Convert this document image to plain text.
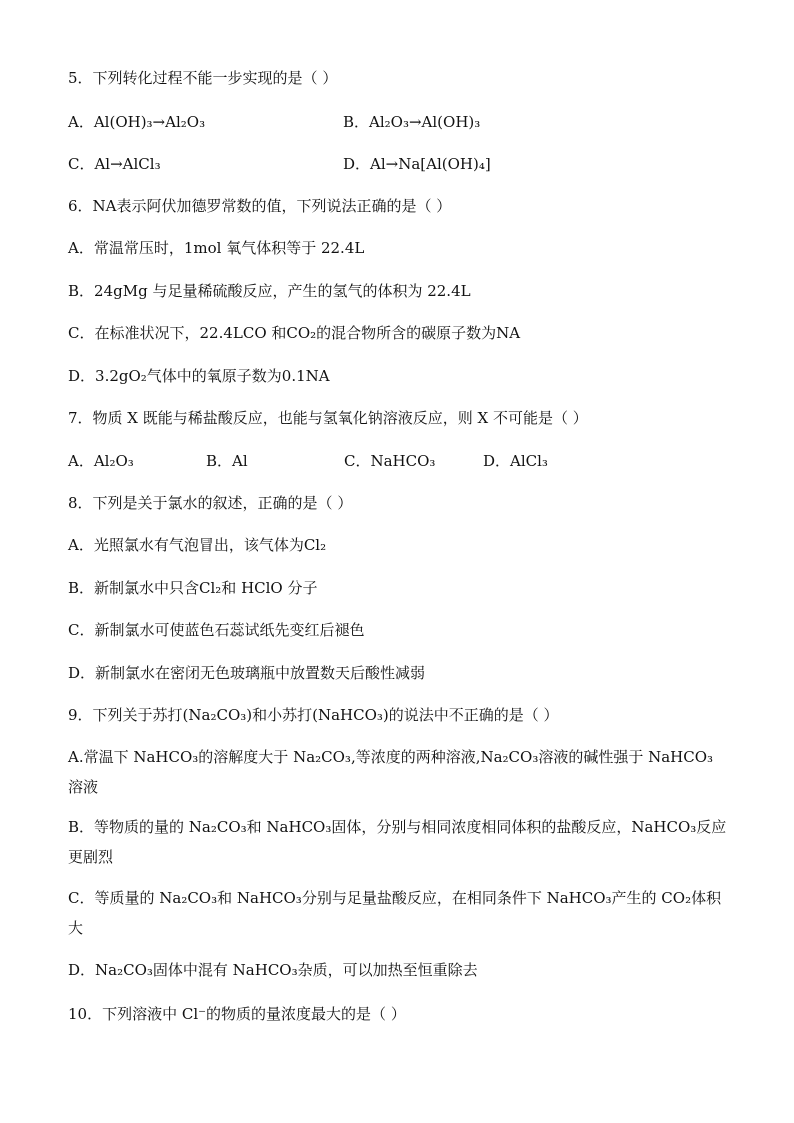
5．下列转化过程不能一步实现的是（ ）
A．Al(OH)₃→Al₂O₃	B．Al₂O₃→Al(OH)₃
C．Al→AlCl₃	D．Al→Na[Al(OH)₄]
6．NA表示阿伏加德罗常数的值，下列说法正确的是（ ）
A．常温常压时，1mol 氧气体积等于 22.4L
B．24gMg 与足量稀硫酸反应，产生的氢气的体积为 22.4L
C．在标准状况下，22.4LCO 和CO₂的混合物所含的碳原子数为NA
D．3.2gO₂气体中的氧原子数为0.1NA
7．物质 X 既能与稀盐酸反应，也能与氢氧化钠溶液反应，则 X 不可能是（ ）
A．Al₂O₃	B．Al	C．NaHCO₃	D．AlCl₃
8．下列是关于氯水的叙述，正确的是（ ）
A．光照氯水有气泡冒出，该气体为Cl₂
B．新制氯水中只含Cl₂和 HClO 分子
C．新制氯水可使蓝色石蕊试纸先变红后褪色
D．新制氯水在密闭无色玻璃瓶中放置数天后酸性减弱
9．下列关于苏打(Na₂CO₃)和小苏打(NaHCO₃)的说法中不正确的是（ ）
A.常温下 NaHCO₃的溶解度大于 Na₂CO₃,等浓度的两种溶液,Na₂CO₃溶液的碱性强于 NaHCO₃溶液
B．等物质的量的 Na₂CO₃和 NaHCO₃固体，分别与相同浓度相同体积的盐酸反应，NaHCO₃反应更剧烈
C．等质量的 Na₂CO₃和 NaHCO₃分别与足量盐酸反应，在相同条件下 NaHCO₃产生的 CO₂体积大
D．Na₂CO₃固体中混有 NaHCO₃杂质，可以加热至恒重除去
10．下列溶液中 Cl⁻的物质的量浓度最大的是（ ）
